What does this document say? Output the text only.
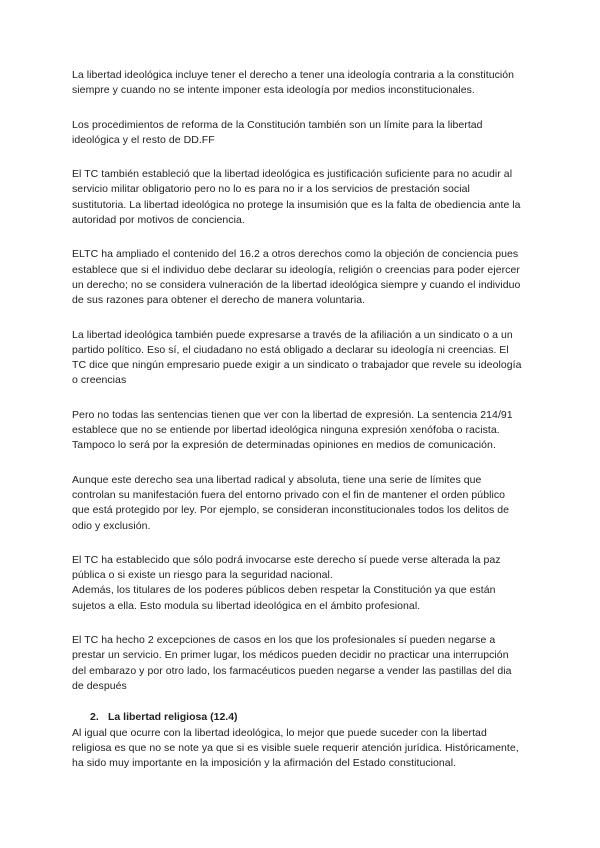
La libertad ideológica incluye tener el derecho a tener una ideología contraria a la constitución siempre y cuando no se intente imponer esta ideología por medios inconstitucionales.

Los procedimientos de reforma de la Constitución también son un límite para la libertad ideológica y el resto de DD.FF

El TC también estableció que la libertad ideológica es justificación suficiente para no acudir al servicio militar obligatorio pero no lo es para no ir a los servicios de prestación social sustitutoria. La libertad ideológica no protege la insumisión que es la falta de obediencia ante la autoridad por motivos de conciencia.

ELTC ha ampliado el contenido del 16.2 a otros derechos como la objeción de conciencia pues establece que si el individuo debe declarar su ideología, religión o creencias para poder ejercer un derecho; no se considera vulneración de la libertad ideológica siempre y cuando el individuo de sus razones para obtener el derecho de manera voluntaria.

La libertad ideológica también puede expresarse a través de la afiliación a un sindicato o a un partido político. Eso sí, el ciudadano no está obligado a declarar su ideología ni creencias. El TC dice que ningún empresario puede exigir a un sindicato o trabajador que revele su ideología o creencias

Pero no todas las sentencias tienen que ver con la libertad de expresión. La sentencia 214/91 establece que no se entiende por libertad ideológica ninguna expresión xenófoba o racista. Tampoco lo será por la expresión de determinadas opiniones en medios de comunicación.

Aunque este derecho sea una libertad radical y absoluta, tiene una serie de límites que controlan su manifestación fuera del entorno privado con el fin de mantener el orden público que está protegido por ley. Por ejemplo, se consideran inconstitucionales todos los delitos de odio y exclusión.

El TC ha establecido que sólo podrá invocarse este derecho sí puede verse alterada la paz pública o si existe un riesgo para la seguridad nacional.

Además, los titulares de los poderes públicos deben respetar la Constitución ya que están sujetos a ella. Esto modula su libertad ideológica en el ámbito profesional.

El TC ha hecho 2 excepciones de casos en los que los profesionales sí pueden negarse a prestar un servicio. En primer lugar, los médicos pueden decidir no practicar una interrupción del embarazo y por otro lado, los farmacéuticos pueden negarse a vender las pastillas del dia de después

2. La libertad religiosa (12.4)

Al igual que ocurre con la libertad ideológica, lo mejor que puede suceder con la libertad religiosa es que no se note ya que si es visible suele requerir atención jurídica. Históricamente, ha sido muy importante en la imposición y la afirmación del Estado constitucional.
